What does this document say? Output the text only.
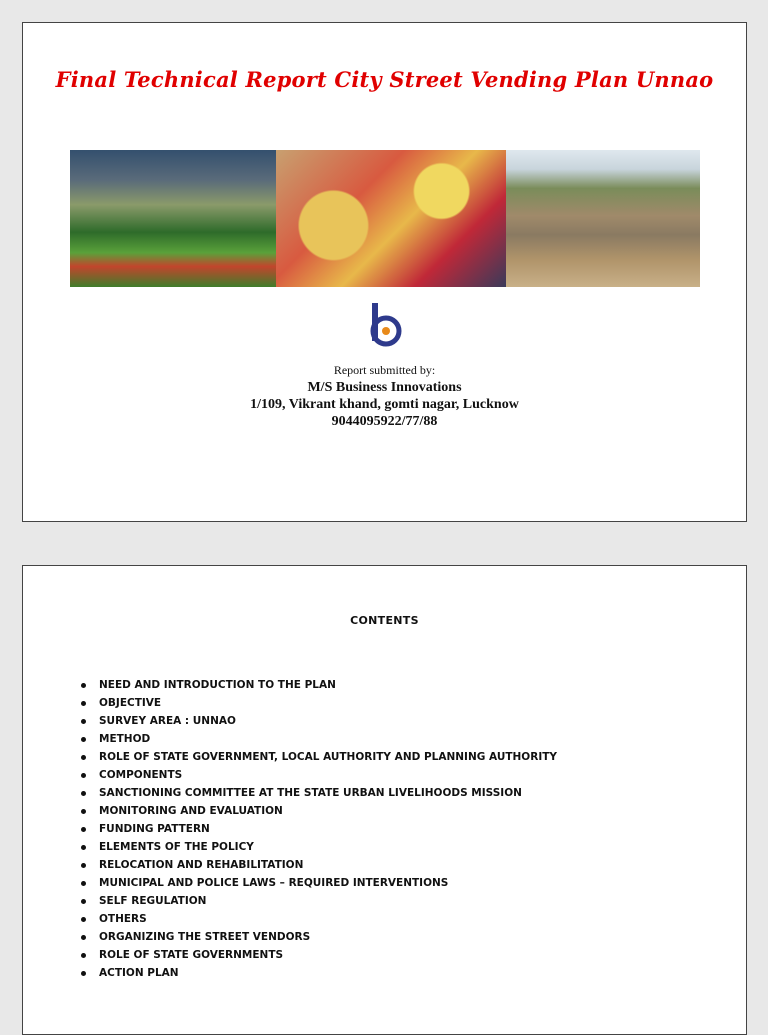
Final Technical Report City Street Vending Plan Unnao
Report submitted by:
M/S Business Innovations
1/109, Vikrant khand, gomti nagar, Lucknow
9044095922/77/88
CONTENTS
NEED AND INTRODUCTION TO THE PLAN
OBJECTIVE
SURVEY AREA : UNNAO
METHOD
ROLE OF STATE GOVERNMENT, LOCAL AUTHORITY AND PLANNING AUTHORITY
COMPONENTS
SANCTIONING COMMITTEE AT THE STATE URBAN LIVELIHOODS MISSION
MONITORING AND EVALUATION
FUNDING PATTERN
ELEMENTS OF THE POLICY
RELOCATION AND REHABILITATION
MUNICIPAL AND POLICE LAWS – REQUIRED INTERVENTIONS
SELF REGULATION
OTHERS
ORGANIZING THE STREET VENDORS
ROLE OF STATE GOVERNMENTS
ACTION PLAN
